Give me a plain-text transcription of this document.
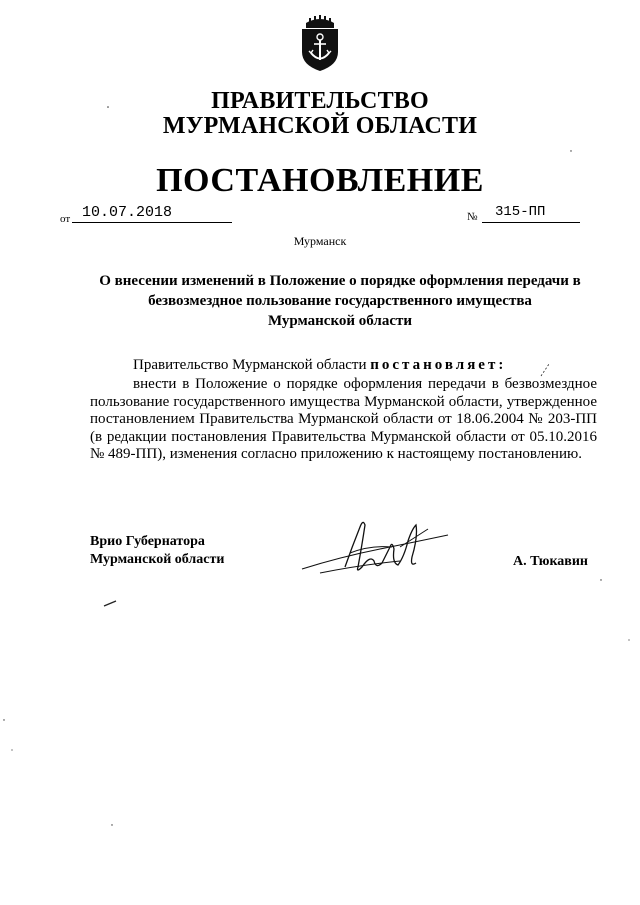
ПРАВИТЕЛЬСТВО
МУРМАНСКОЙ ОБЛАСТИ
ПОСТАНОВЛЕНИЕ
от 10.07.2018	№	315-ПП
Мурманск
О внесении изменений в Положение о порядке оформления передачи в
безвозмездное пользование государственного имущества
Мурманской области
Правительство Мурманской области постановляет:
внести в Положение о порядке оформления передачи в безвозмездное пользование государственного имущества Мурманской области, утвержденное постановлением Правительства Мурманской области от 18.06.2004 № 203-ПП (в редакции постановления Правительства Мурманской области от 05.10.2016 № 489-ПП), изменения согласно приложению к настоящему постановлению.
Врио Губернатора
Мурманской области	А. Тюкавин
